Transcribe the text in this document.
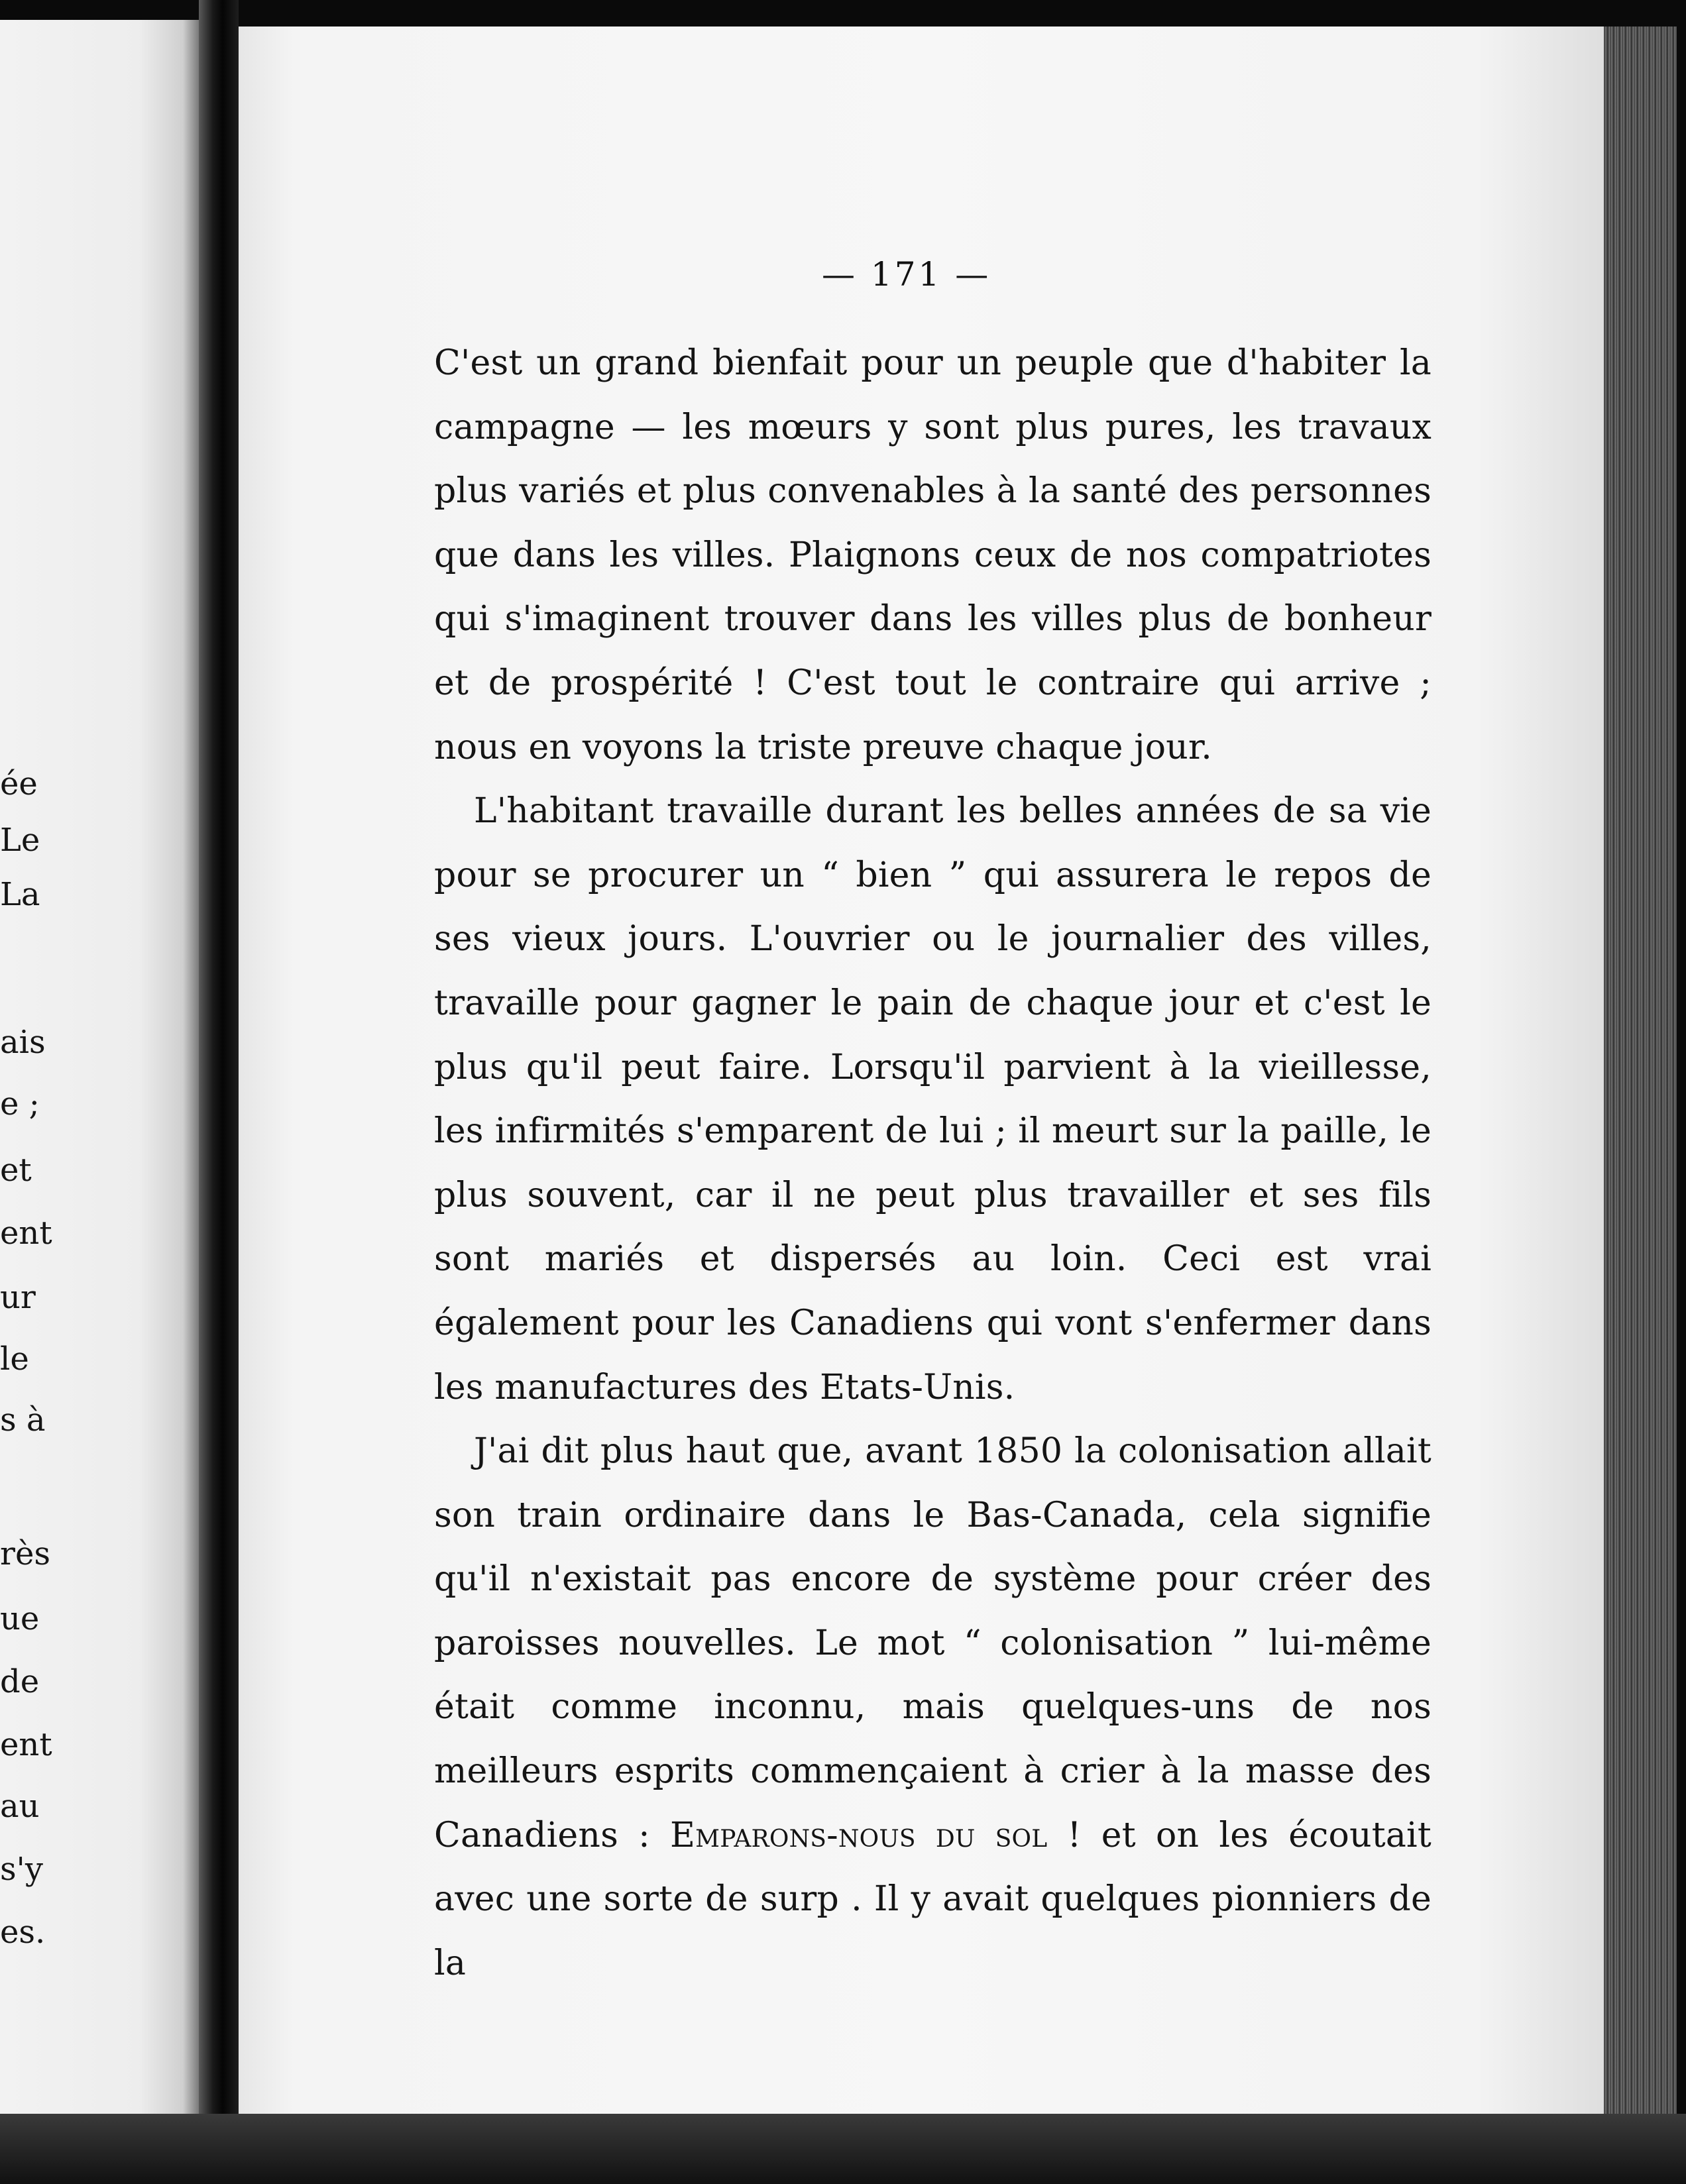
ée
Le
La
ais
e ;
et
ent
ur
le
s à
rès
ue
de
ent
au
s'y
es.
— 171 —

C'est un grand bienfait pour un peuple que d'habiter la campagne — les mœurs y sont plus pures, les travaux plus variés et plus convenables à la santé des personnes que dans les villes. Plaignons ceux de nos compatriotes qui s'imaginent trouver dans les villes plus de bonheur et de prospérité ! C'est tout le contraire qui arrive ; nous en voyons la triste preuve chaque jour.

L'habitant travaille durant les belles années de sa vie pour se procurer un “ bien ” qui assurera le repos de ses vieux jours. L'ouvrier ou le journalier des villes, travaille pour gagner le pain de chaque jour et c'est le plus qu'il peut faire. Lorsqu'il parvient à la vieillesse, les infirmités s'emparent de lui ; il meurt sur la paille, le plus souvent, car il ne peut plus travailler et ses fils sont mariés et dispersés au loin. Ceci est vrai également pour les Canadiens qui vont s'enfermer dans les manufactures des Etats-Unis.

J'ai dit plus haut que, avant 1850 la colonisation allait son train ordinaire dans le Bas-Canada, cela signifie qu'il n'existait pas encore de système pour créer des paroisses nouvelles. Le mot “ colonisation ” lui-même était comme inconnu, mais quelques-uns de nos meilleurs esprits commençaient à crier à la masse des Canadiens : Emparons-nous du sol ! et on les écoutait avec une sorte de surp . Il y avait quelques pionniers de la
